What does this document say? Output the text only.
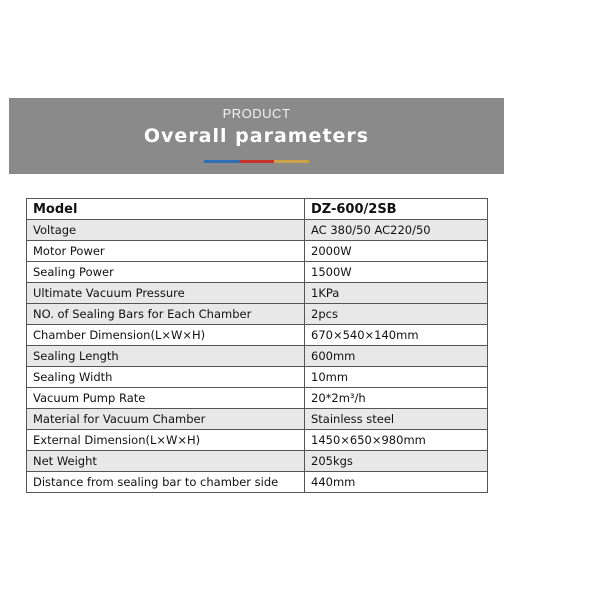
PRODUCT
Overall parameters
Model	DZ-600/2SB
Voltage	AC 380/50 AC220/50
Motor Power	2000W
Sealing Power	1500W
Ultimate Vacuum Pressure	1KPa
NO. of Sealing Bars for Each Chamber	2pcs
Chamber Dimension(L×W×H)	670×540×140mm
Sealing Length	600mm
Sealing Width	10mm
Vacuum Pump Rate	20*2m³/h
Material for Vacuum Chamber	Stainless steel
External Dimension(L×W×H)	1450×650×980mm
Net Weight	205kgs
Distance from sealing bar to chamber side	440mm
